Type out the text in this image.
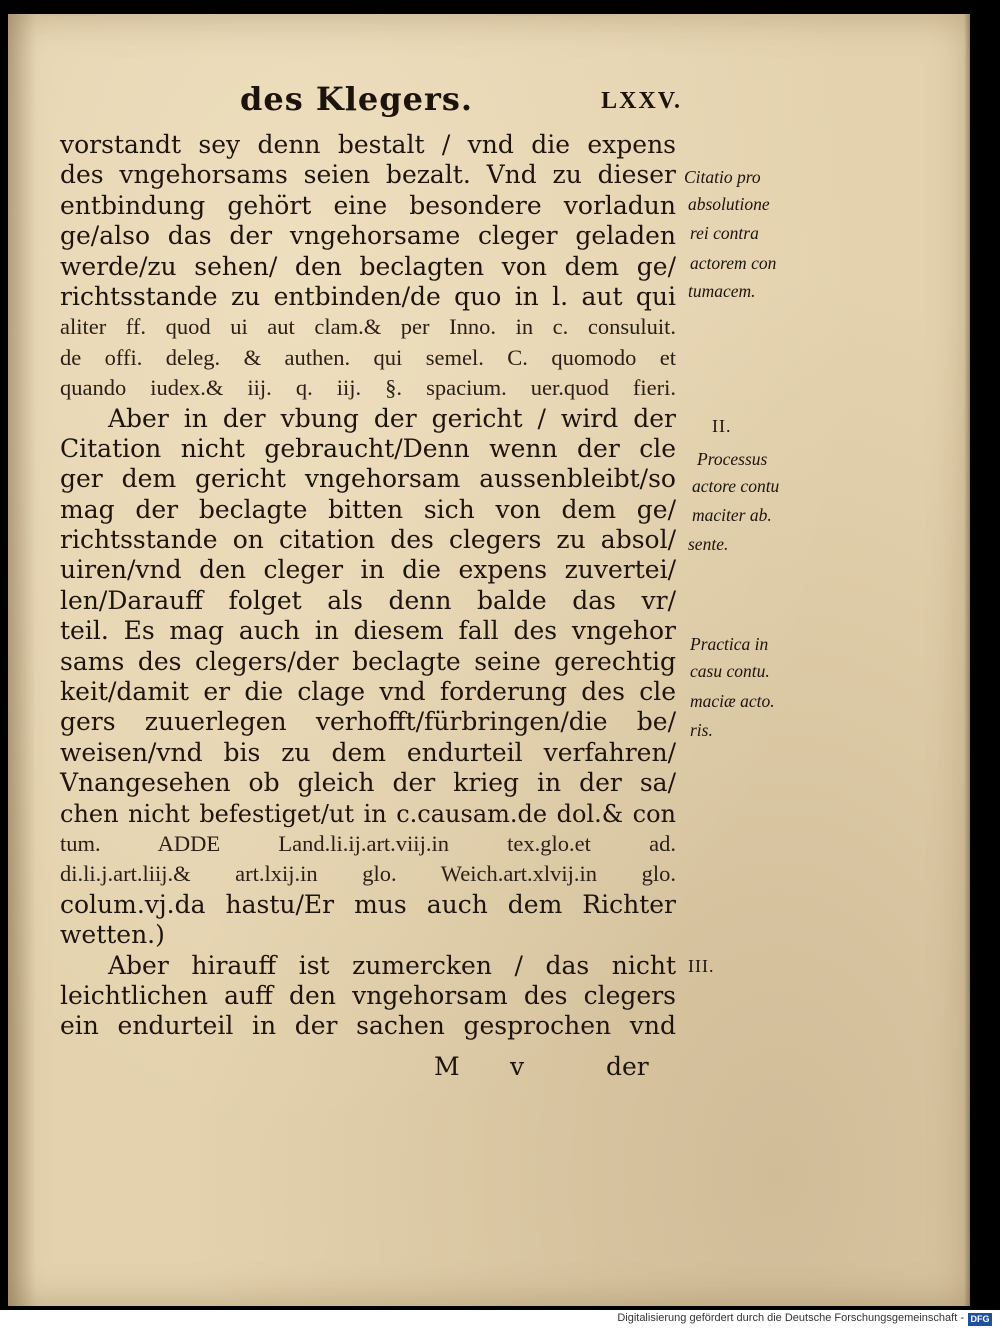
des Klegers.	LXXV.
vorstandt sey denn bestalt / vnd die expens
des vngehorsams seien bezalt. Vnd zu dieser
entbindung gehört eine besondere vorladun
ge/also das der vngehorsame cleger geladen
werde/zu sehen/ den beclagten von dem ge/
richtsstande zu entbinden/de quo in l. aut qui
aliter ff. quod ui aut clam.& per Inno. in c. consuluit.
de offi. deleg. & authen. qui semel. C. quomodo et
quando iudex.& iij. q. iij. §. spacium. uer.quod fieri.
Aber in der vbung der gericht / wird der
Citation nicht gebraucht/Denn wenn der cle
ger dem gericht vngehorsam aussenbleibt/so
mag der beclagte bitten sich von dem ge/
richtsstande on citation des clegers zu absol/
uiren/vnd den cleger in die expens zuvertei/
len/Darauff folget als denn balde das vr/
teil. Es mag auch in diesem fall des vngehor
sams des clegers/der beclagte seine gerechtig
keit/damit er die clage vnd forderung des cle
gers zuuerlegen verhofft/fürbringen/die be/
weisen/vnd bis zu dem endurteil verfahren/
Vnangesehen ob gleich der krieg in der sa/
chen nicht befestiget/ut in c.causam.de dol.& con
tum. ADDE Land.li.ij.art.viij.in tex.glo.et ad.
di.li.j.art.liij.& art.lxij.in glo. Weich.art.xlvij.in glo.
colum.vj.da hastu/Er mus auch dem Richter
wetten.)
Aber hirauff ist zumercken / das nicht
leichtlichen auff den vngehorsam des clegers
ein endurteil in der sachen gesprochen vnd
M v	der
Citatio pro
absolutione
rei contra
actorem con
tumacem.
II.
Processus
actore contu
maciter ab.
sente.
Practica in
casu contu.
maciæ acto.
ris.
III.
Digitalisierung gefördert durch die Deutsche Forschungsgemeinschaft - DFG
